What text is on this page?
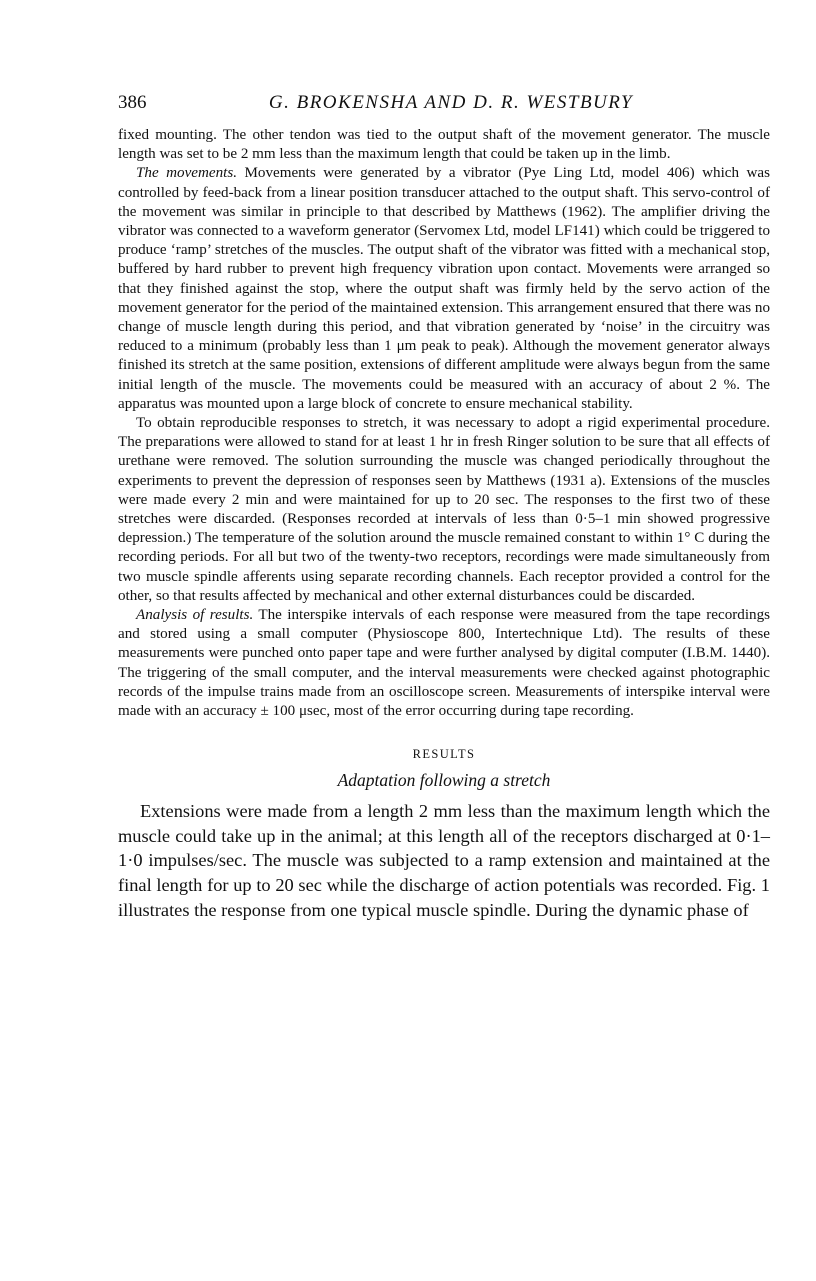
386	G. BROKENSHA AND D. R. WESTBURY

fixed mounting. The other tendon was tied to the output shaft of the movement generator. The muscle length was set to be 2 mm less than the maximum length that could be taken up in the limb.

The movements. Movements were generated by a vibrator (Pye Ling Ltd, model 406) which was controlled by feed-back from a linear position transducer attached to the output shaft. This servo-control of the movement was similar in principle to that described by Matthews (1962). The amplifier driving the vibrator was connected to a waveform generator (Servomex Ltd, model LF141) which could be triggered to produce ‘ramp’ stretches of the muscles. The output shaft of the vibrator was fitted with a mechanical stop, buffered by hard rubber to prevent high frequency vibration upon contact. Movements were arranged so that they finished against the stop, where the output shaft was firmly held by the servo action of the movement generator for the period of the maintained extension. This arrangement ensured that there was no change of muscle length during this period, and that vibration generated by ‘noise’ in the circuitry was reduced to a minimum (probably less than 1 μm peak to peak). Although the movement generator always finished its stretch at the same position, extensions of different amplitude were always begun from the same initial length of the muscle. The movements could be measured with an accuracy of about 2 %. The apparatus was mounted upon a large block of concrete to ensure mechanical stability.

To obtain reproducible responses to stretch, it was necessary to adopt a rigid experimental procedure. The preparations were allowed to stand for at least 1 hr in fresh Ringer solution to be sure that all effects of urethane were removed. The solution surrounding the muscle was changed periodically throughout the experiments to prevent the depression of responses seen by Matthews (1931 a). Extensions of the muscles were made every 2 min and were maintained for up to 20 sec. The responses to the first two of these stretches were discarded. (Responses recorded at intervals of less than 0·5–1 min showed progressive depression.) The temperature of the solution around the muscle remained constant to within 1° C during the recording periods. For all but two of the twenty-two receptors, recordings were made simultaneously from two muscle spindle afferents using separate recording channels. Each receptor provided a control for the other, so that results affected by mechanical and other external disturbances could be discarded.

Analysis of results. The interspike intervals of each response were measured from the tape recordings and stored using a small computer (Physioscope 800, Intertechnique Ltd). The results of these measurements were punched onto paper tape and were further analysed by digital computer (I.B.M. 1440). The triggering of the small computer, and the interval measurements were checked against photographic records of the impulse trains made from an oscilloscope screen. Measurements of interspike interval were made with an accuracy ± 100 μsec, most of the error occurring during tape recording.

RESULTS
Adaptation following a stretch

Extensions were made from a length 2 mm less than the maximum length which the muscle could take up in the animal; at this length all of the receptors discharged at 0·1–1·0 impulses/sec. The muscle was subjected to a ramp extension and maintained at the final length for up to 20 sec while the discharge of action potentials was recorded. Fig. 1 illustrates the response from one typical muscle spindle. During the dynamic phase of
